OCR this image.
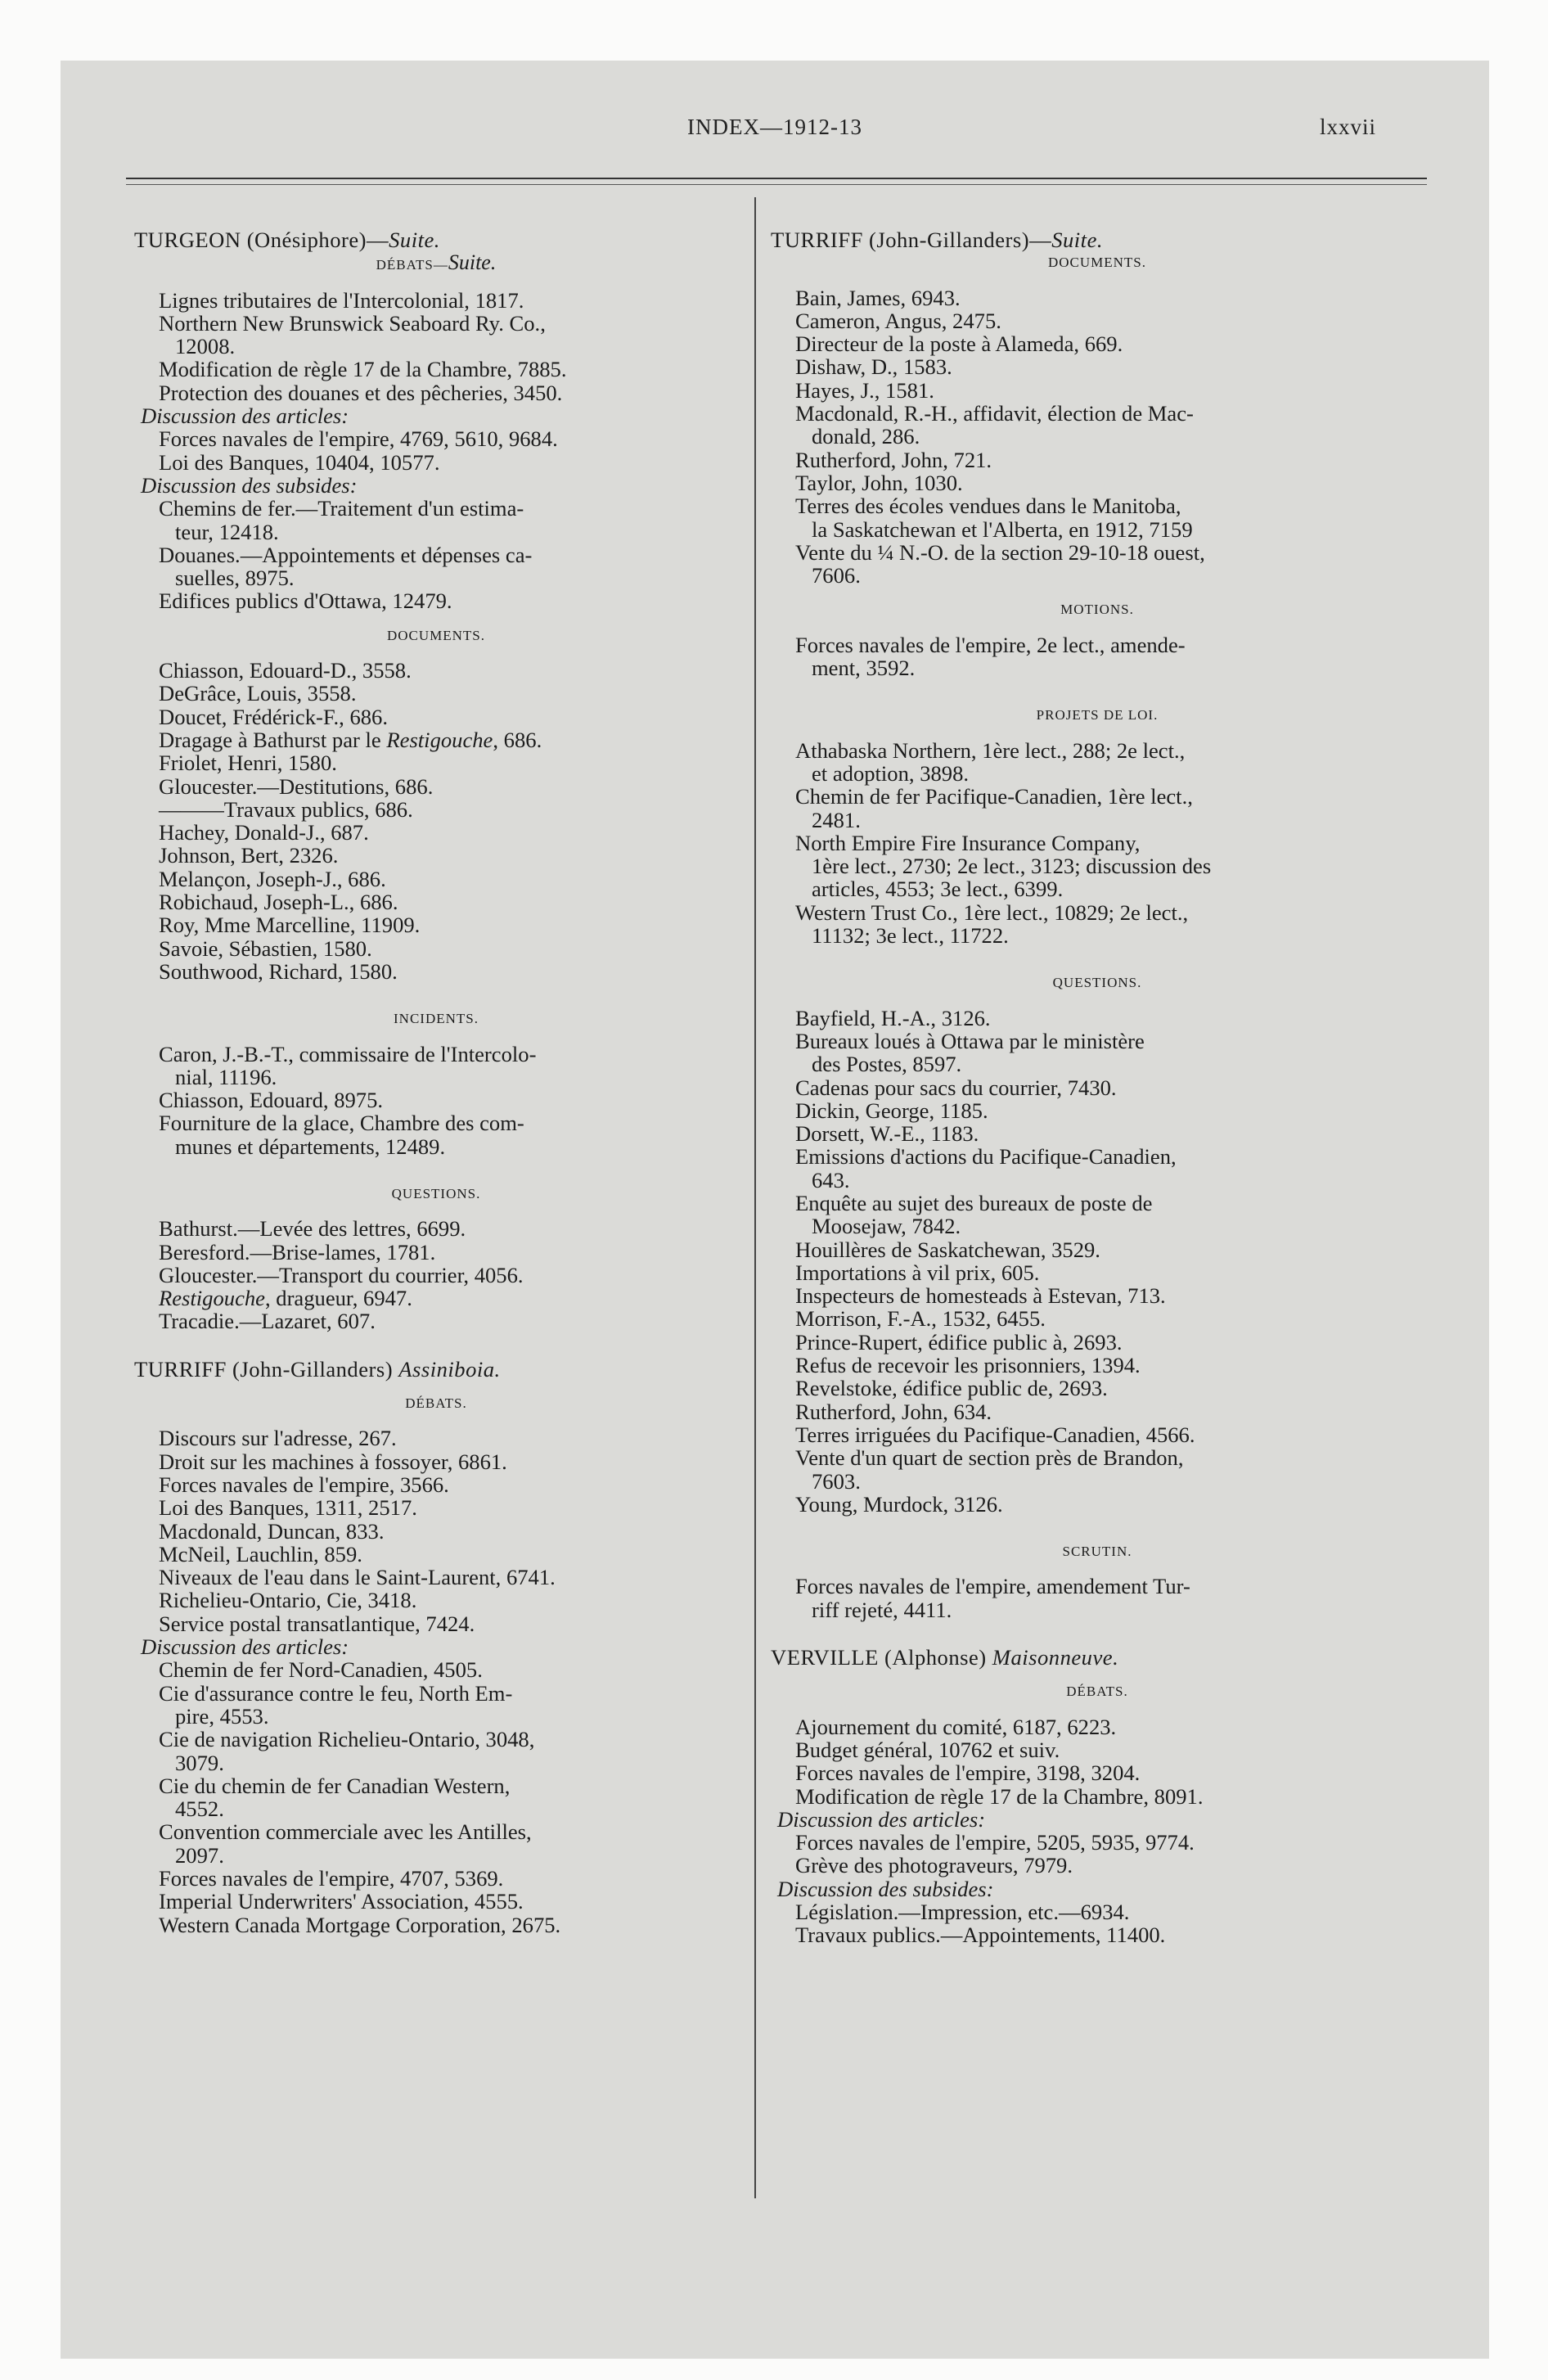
INDEX—1912-13	lxxvii
TURGEON (Onésiphore)—Suite.
DÉBATS—Suite.
Lignes tributaires de l'Intercolonial, 1817.
Northern New Brunswick Seaboard Ry. Co.,
12008.
Modification de règle 17 de la Chambre, 7885.
Protection des douanes et des pêcheries, 3450.
Discussion des articles:
Forces navales de l'empire, 4769, 5610, 9684.
Loi des Banques, 10404, 10577.
Discussion des subsides:
Chemins de fer.—Traitement d'un estima-
teur, 12418.
Douanes.—Appointements et dépenses ca-
suelles, 8975.
Edifices publics d'Ottawa, 12479.
DOCUMENTS.
Chiasson, Edouard-D., 3558.
DeGrâce, Louis, 3558.
Doucet, Frédérick-F., 686.
Dragage à Bathurst par le Restigouche, 686.
Friolet, Henri, 1580.
Gloucester.—Destitutions, 686.
———Travaux publics, 686.
Hachey, Donald-J., 687.
Johnson, Bert, 2326.
Melançon, Joseph-J., 686.
Robichaud, Joseph-L., 686.
Roy, Mme Marcelline, 11909.
Savoie, Sébastien, 1580.
Southwood, Richard, 1580.
INCIDENTS.
Caron, J.-B.-T., commissaire de l'Intercolo-
nial, 11196.
Chiasson, Edouard, 8975.
Fourniture de la glace, Chambre des com-
munes et départements, 12489.
QUESTIONS.
Bathurst.—Levée des lettres, 6699.
Beresford.—Brise-lames, 1781.
Gloucester.—Transport du courrier, 4056.
Restigouche, dragueur, 6947.
Tracadie.—Lazaret, 607.
TURRIFF (John-Gillanders) Assiniboia.
DÉBATS.
Discours sur l'adresse, 267.
Droit sur les machines à fossoyer, 6861.
Forces navales de l'empire, 3566.
Loi des Banques, 1311, 2517.
Macdonald, Duncan, 833.
McNeil, Lauchlin, 859.
Niveaux de l'eau dans le Saint-Laurent, 6741.
Richelieu-Ontario, Cie, 3418.
Service postal transatlantique, 7424.
Discussion des articles:
Chemin de fer Nord-Canadien, 4505.
Cie d'assurance contre le feu, North Em-
pire, 4553.
Cie de navigation Richelieu-Ontario, 3048,
3079.
Cie du chemin de fer Canadian Western,
4552.
Convention commerciale avec les Antilles,
2097.
Forces navales de l'empire, 4707, 5369.
Imperial Underwriters' Association, 4555.
Western Canada Mortgage Corporation, 2675.
TURRIFF (John-Gillanders)—Suite.
DOCUMENTS.
Bain, James, 6943.
Cameron, Angus, 2475.
Directeur de la poste à Alameda, 669.
Dishaw, D., 1583.
Hayes, J., 1581.
Macdonald, R.-H., affidavit, élection de Mac-
donald, 286.
Rutherford, John, 721.
Taylor, John, 1030.
Terres des écoles vendues dans le Manitoba,
la Saskatchewan et l'Alberta, en 1912, 7159
Vente du ¼ N.-O. de la section 29-10-18 ouest,
7606.
MOTIONS.
Forces navales de l'empire, 2e lect., amende-
ment, 3592.
PROJETS DE LOI.
Athabaska Northern, 1ère lect., 288; 2e lect.,
et adoption, 3898.
Chemin de fer Pacifique-Canadien, 1ère lect.,
2481.
North Empire Fire Insurance Company,
1ère lect., 2730; 2e lect., 3123; discussion des
articles, 4553; 3e lect., 6399.
Western Trust Co., 1ère lect., 10829; 2e lect.,
11132; 3e lect., 11722.
QUESTIONS.
Bayfield, H.-A., 3126.
Bureaux loués à Ottawa par le ministère
des Postes, 8597.
Cadenas pour sacs du courrier, 7430.
Dickin, George, 1185.
Dorsett, W.-E., 1183.
Emissions d'actions du Pacifique-Canadien,
643.
Enquête au sujet des bureaux de poste de
Moosejaw, 7842.
Houillères de Saskatchewan, 3529.
Importations à vil prix, 605.
Inspecteurs de homesteads à Estevan, 713.
Morrison, F.-A., 1532, 6455.
Prince-Rupert, édifice public à, 2693.
Refus de recevoir les prisonniers, 1394.
Revelstoke, édifice public de, 2693.
Rutherford, John, 634.
Terres irriguées du Pacifique-Canadien, 4566.
Vente d'un quart de section près de Brandon,
7603.
Young, Murdock, 3126.
SCRUTIN.
Forces navales de l'empire, amendement Tur-
riff rejeté, 4411.
VERVILLE (Alphonse) Maisonneuve.
DÉBATS.
Ajournement du comité, 6187, 6223.
Budget général, 10762 et suiv.
Forces navales de l'empire, 3198, 3204.
Modification de règle 17 de la Chambre, 8091.
Discussion des articles:
Forces navales de l'empire, 5205, 5935, 9774.
Grève des photograveurs, 7979.
Discussion des subsides:
Législation.—Impression, etc.—6934.
Travaux publics.—Appointements, 11400.
